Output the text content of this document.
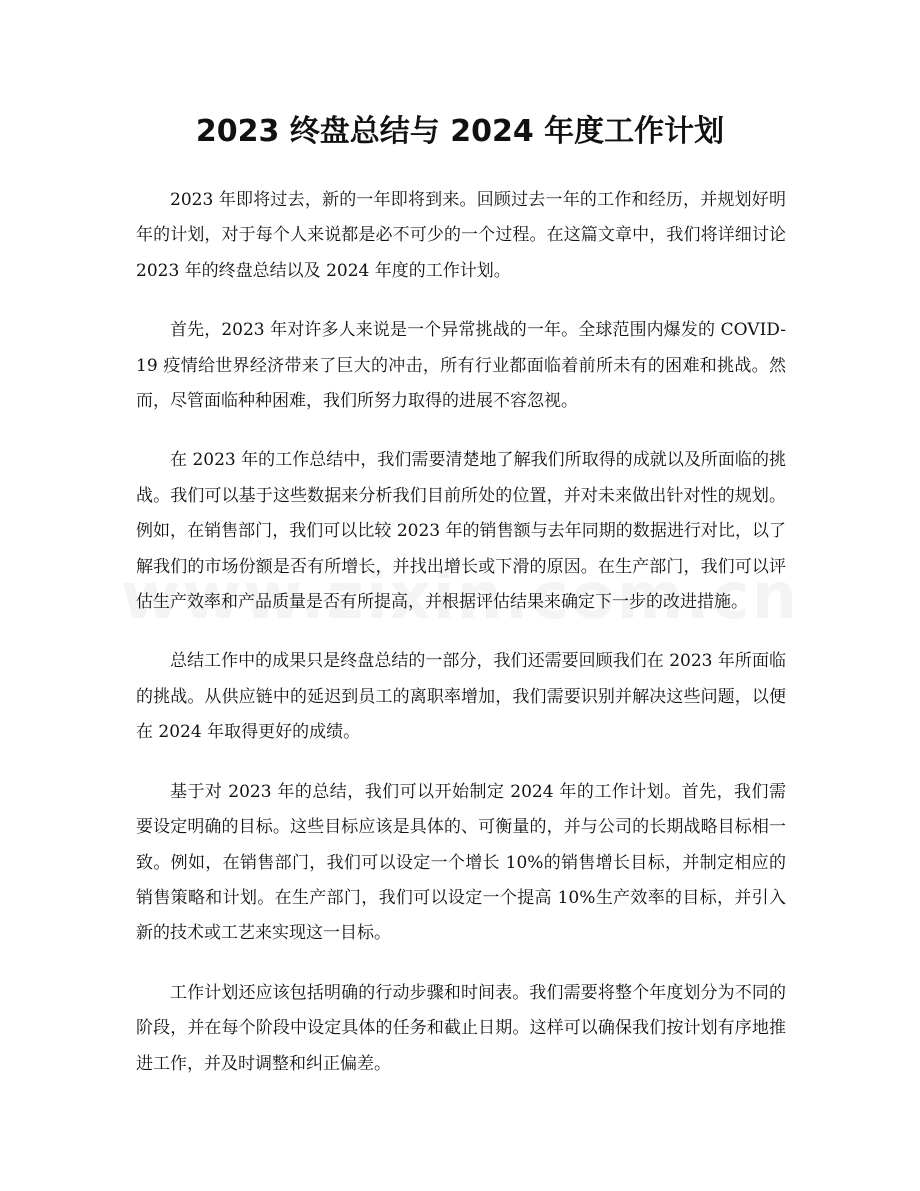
2023 终盘总结与 2024 年度工作计划

2023 年即将过去，新的一年即将到来。回顾过去一年的工作和经历，并规划好明年的计划，对于每个人来说都是必不可少的一个过程。在这篇文章中，我们将详细讨论 2023 年的终盘总结以及 2024 年度的工作计划。

首先，2023 年对许多人来说是一个异常挑战的一年。全球范围内爆发的 COVID-19 疫情给世界经济带来了巨大的冲击，所有行业都面临着前所未有的困难和挑战。然而，尽管面临种种困难，我们所努力取得的进展不容忽视。

在 2023 年的工作总结中，我们需要清楚地了解我们所取得的成就以及所面临的挑战。我们可以基于这些数据来分析我们目前所处的位置，并对未来做出针对性的规划。例如，在销售部门，我们可以比较 2023 年的销售额与去年同期的数据进行对比，以了解我们的市场份额是否有所增长，并找出增长或下滑的原因。在生产部门，我们可以评估生产效率和产品质量是否有所提高，并根据评估结果来确定下一步的改进措施。

总结工作中的成果只是终盘总结的一部分，我们还需要回顾我们在 2023 年所面临的挑战。从供应链中的延迟到员工的离职率增加，我们需要识别并解决这些问题，以便在 2024 年取得更好的成绩。

基于对 2023 年的总结，我们可以开始制定 2024 年的工作计划。首先，我们需要设定明确的目标。这些目标应该是具体的、可衡量的，并与公司的长期战略目标相一致。例如，在销售部门，我们可以设定一个增长 10%的销售增长目标，并制定相应的销售策略和计划。在生产部门，我们可以设定一个提高 10%生产效率的目标，并引入新的技术或工艺来实现这一目标。

工作计划还应该包括明确的行动步骤和时间表。我们需要将整个年度划分为不同的阶段，并在每个阶段中设定具体的任务和截止日期。这样可以确保我们按计划有序地推进工作，并及时调整和纠正偏差。
